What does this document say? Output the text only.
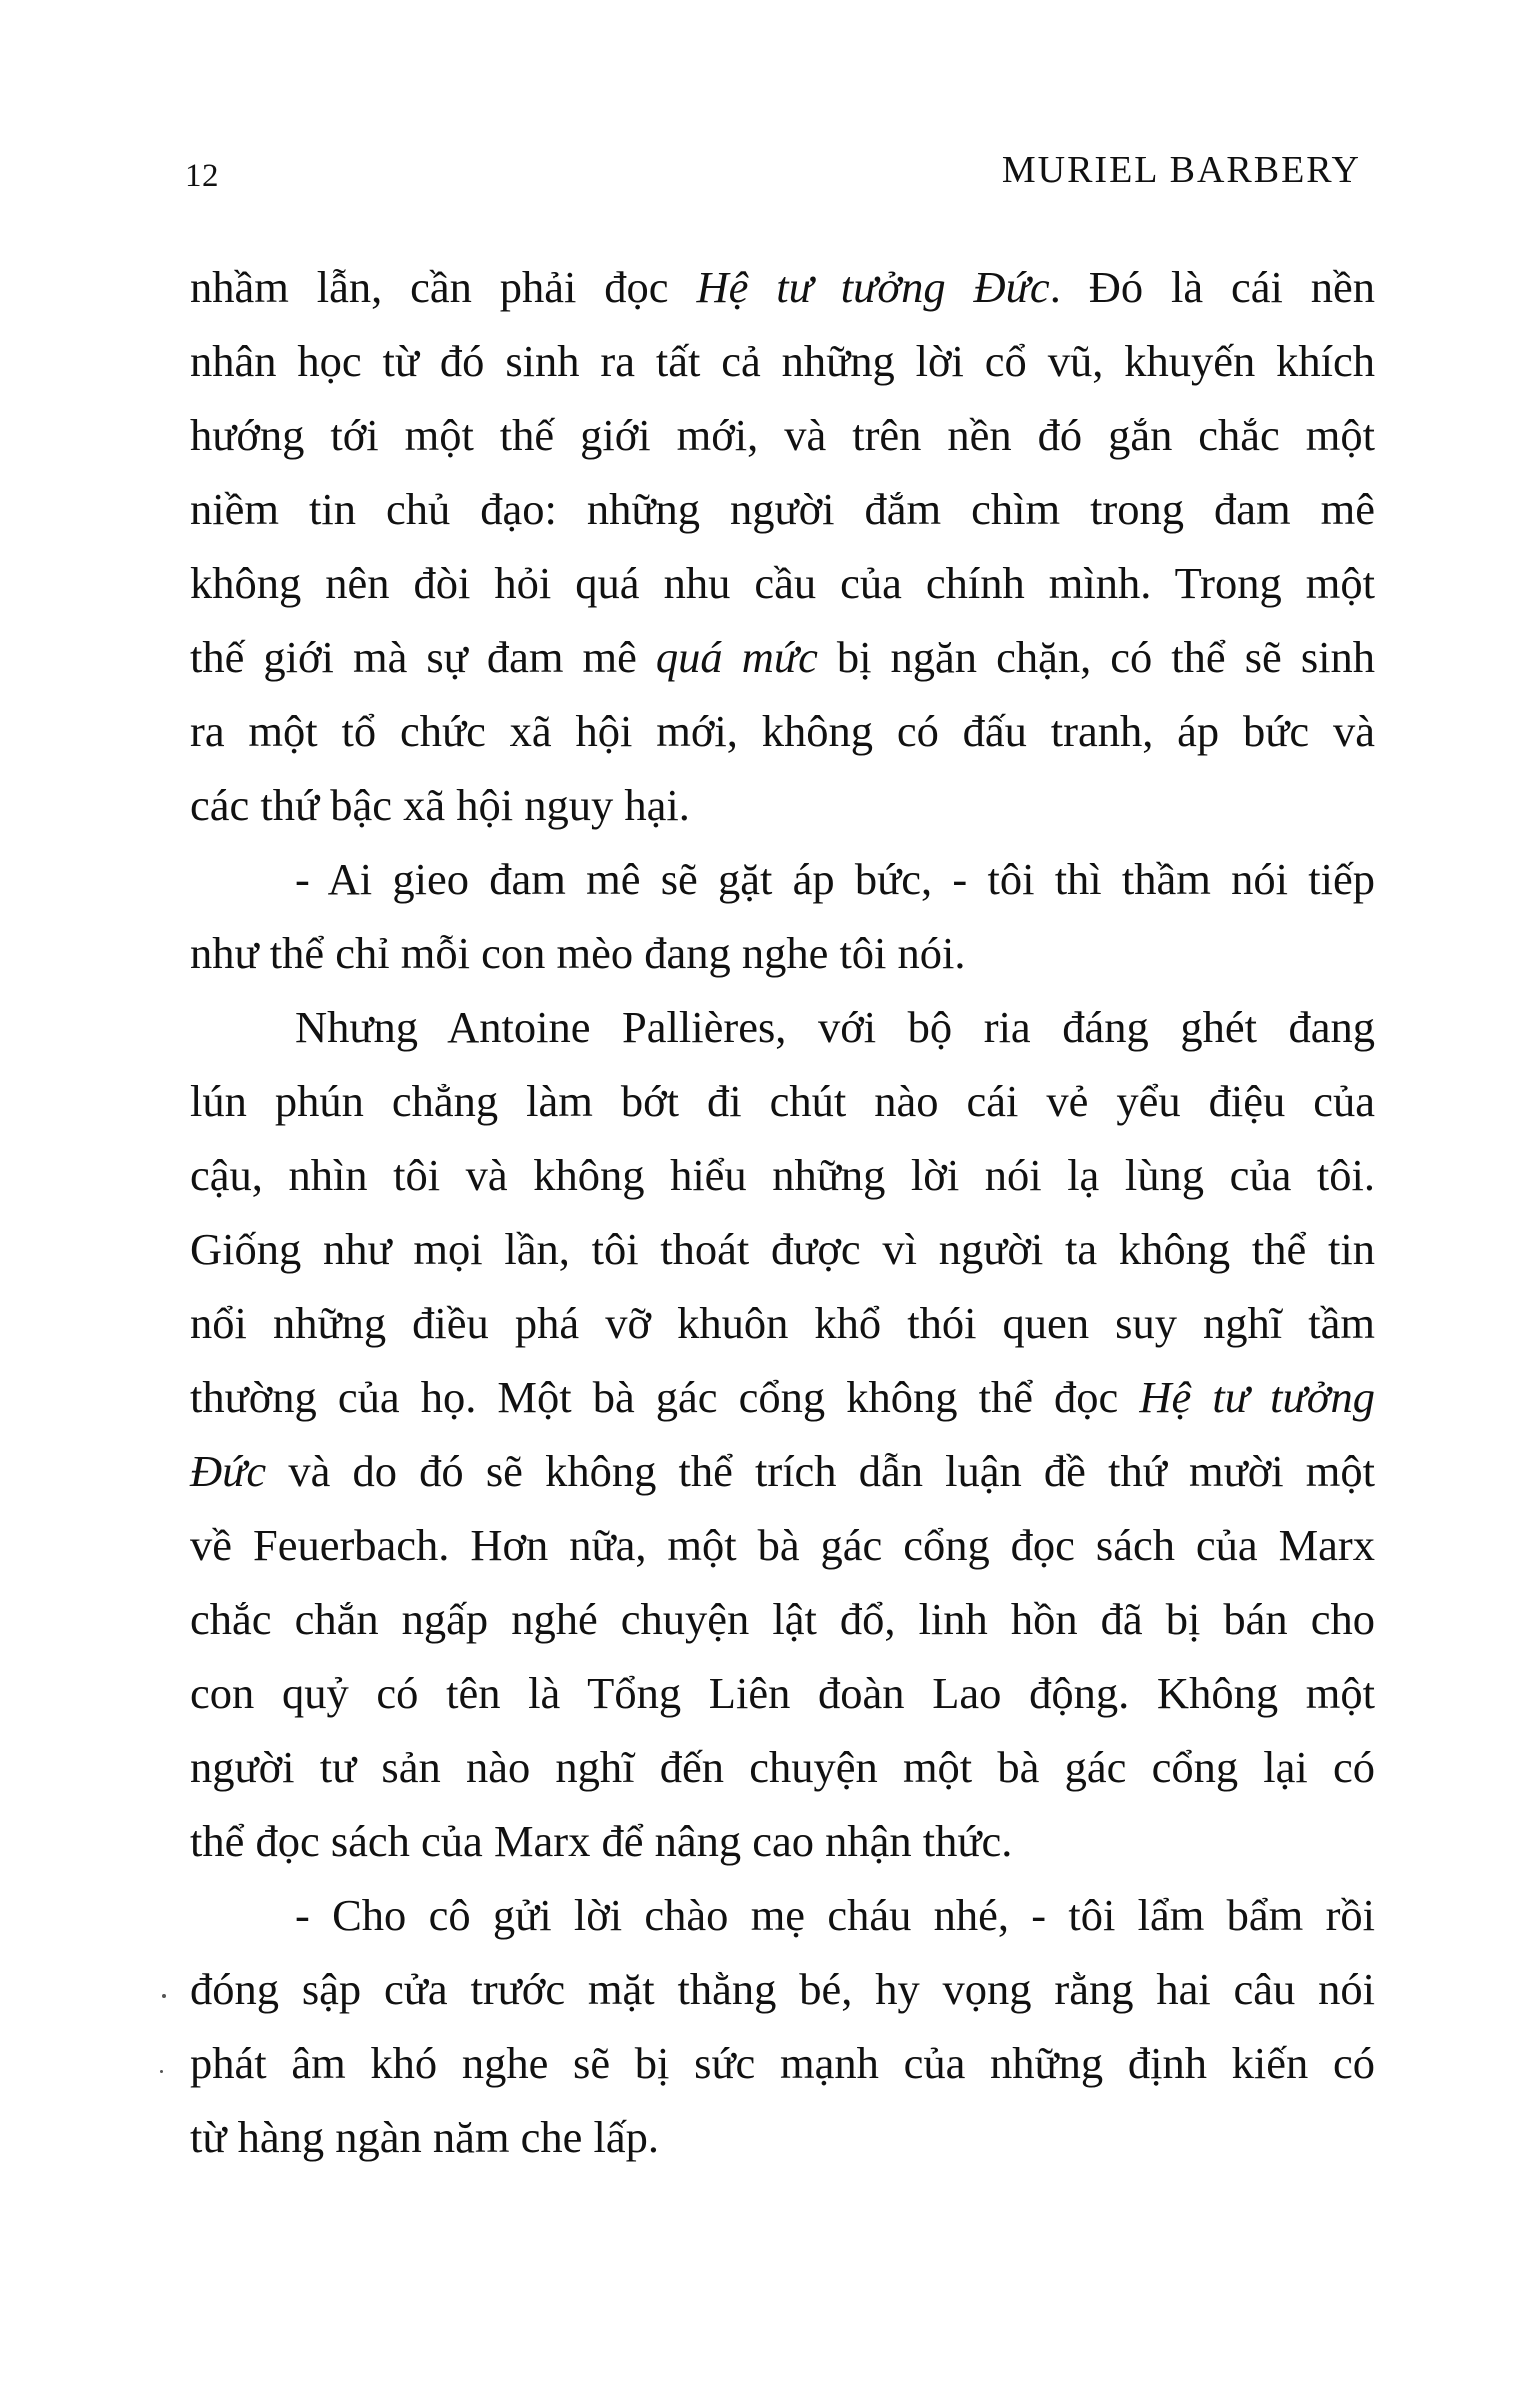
12	MURIEL BARBERY
nhầm lẫn, cần phải đọc Hệ tư tưởng Đức. Đó là cái nền
nhân học từ đó sinh ra tất cả những lời cổ vũ, khuyến khích
hướng tới một thế giới mới, và trên nền đó gắn chắc một
niềm tin chủ đạo: những người đắm chìm trong đam mê
không nên đòi hỏi quá nhu cầu của chính mình. Trong một
thế giới mà sự đam mê quá mức bị ngăn chặn, có thể sẽ sinh
ra một tổ chức xã hội mới, không có đấu tranh, áp bức và
các thứ bậc xã hội nguy hại.
- Ai gieo đam mê sẽ gặt áp bức, - tôi thì thầm nói tiếp
như thể chỉ mỗi con mèo đang nghe tôi nói.
Nhưng Antoine Pallières, với bộ ria đáng ghét đang
lún phún chẳng làm bớt đi chút nào cái vẻ yểu điệu của
cậu, nhìn tôi và không hiểu những lời nói lạ lùng của tôi.
Giống như mọi lần, tôi thoát được vì người ta không thể tin
nổi những điều phá vỡ khuôn khổ thói quen suy nghĩ tầm
thường của họ. Một bà gác cổng không thể đọc Hệ tư tưởng
Đức và do đó sẽ không thể trích dẫn luận đề thứ mười một
về Feuerbach. Hơn nữa, một bà gác cổng đọc sách của Marx
chắc chắn ngấp nghé chuyện lật đổ, linh hồn đã bị bán cho
con quỷ có tên là Tổng Liên đoàn Lao động. Không một
người tư sản nào nghĩ đến chuyện một bà gác cổng lại có
thể đọc sách của Marx để nâng cao nhận thức.
- Cho cô gửi lời chào mẹ cháu nhé, - tôi lẩm bẩm rồi
đóng sập cửa trước mặt thằng bé, hy vọng rằng hai câu nói
phát âm khó nghe sẽ bị sức mạnh của những định kiến có
từ hàng ngàn năm che lấp.
